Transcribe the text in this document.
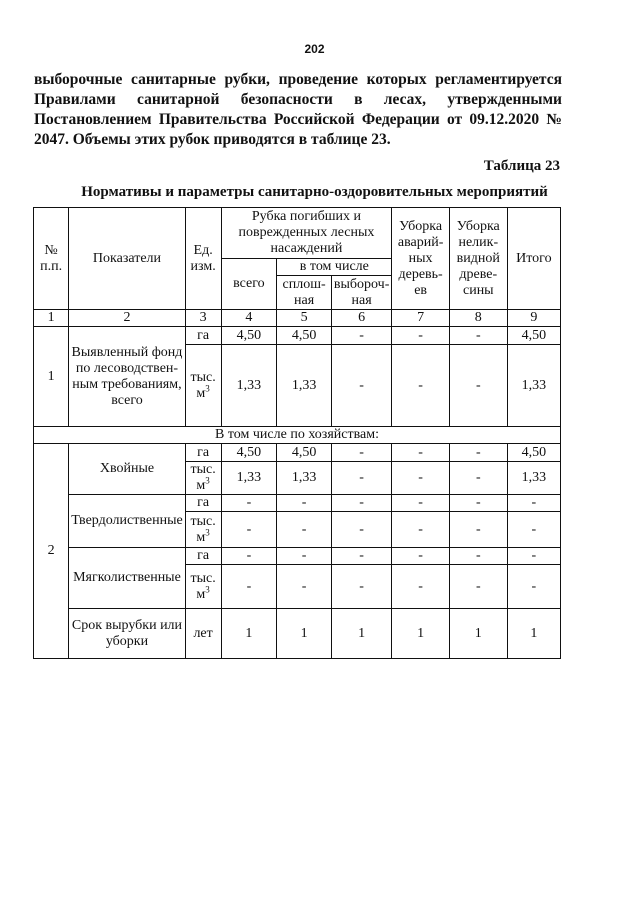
202

выборочные санитарные рубки, проведение которых регламентируется Правилами санитарной безопасности в лесах, утвержденными Постановлением Правительства Российской Федерации от 09.12.2020 № 2047. Объемы этих рубок приводятся в таблице 23.

Таблица 23
Нормативы и параметры санитарно-оздоровительных мероприятий
№ п.п.	Показатели	Ед. изм.	Рубка погибших и поврежденных лесных насаждений			Уборка аварий-ных деревь-ев	Уборка нелик-видной древе-сины	Итого
			всего	в том числе				
				сплош-ная	выбороч-ная			
1	2	3	4	5	6	7	8	9
1	Выявленный фонд по лесоводствен-ным требованиям, всего	га	4,50	4,50	-	-	-	4,50
		тыс. $м^3$	1,33	1,33	-	-	-	1,33
В том числе по хозяйствам:								
2	Хвойные	га	4,50	4,50	-	-	-	4,50
		тыс. $м^3$	1,33	1,33	-	-	-	1,33
	Твердолиственные	га	-	-	-	-	-	-
		тыс. $м^3$	-	-	-	-	-	-
	Мягколиственные	га	-	-	-	-	-	-
		тыс. $м^3$	-	-	-	-	-	-
	Срок вырубки или уборки	лет	1	1	1	1	1	1
